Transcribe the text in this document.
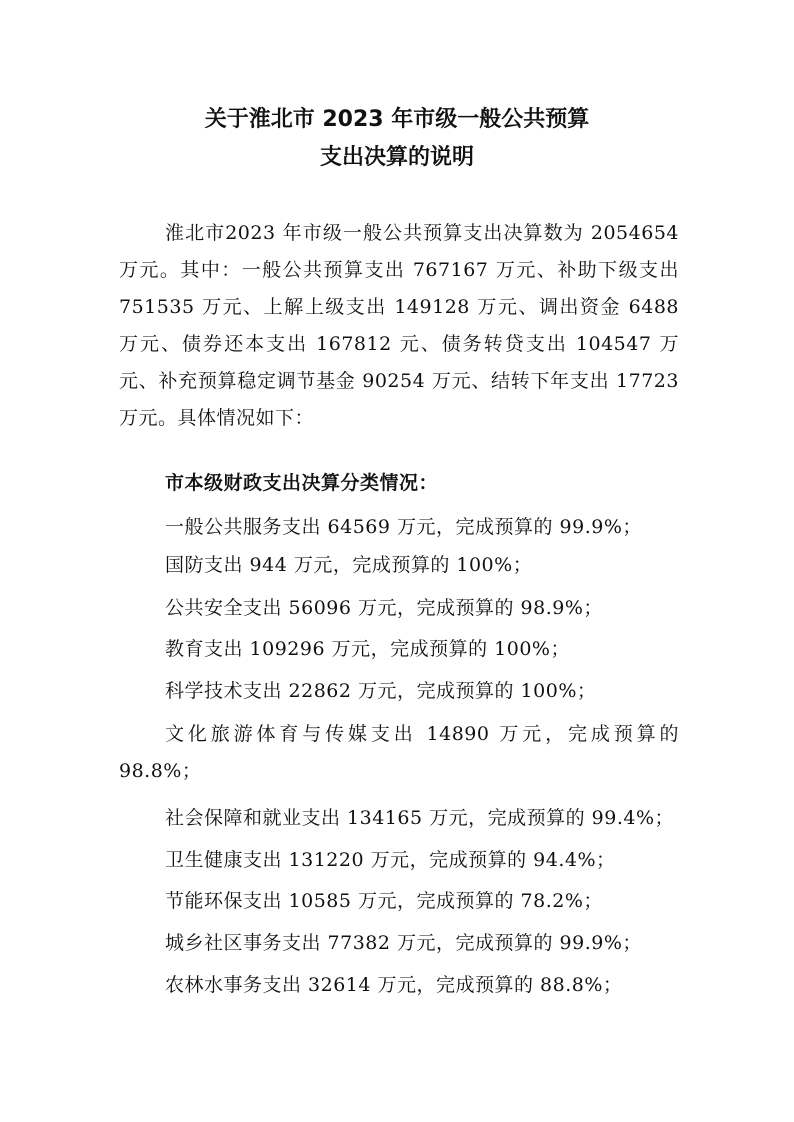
关于淮北市 2023 年市级一般公共预算
支出决算的说明
淮北市2023 年市级一般公共预算支出决算数为 2054654 万元。其中：一般公共预算支出 767167 万元、补助下级支出 751535 万元、上解上级支出 149128 万元、调出资金 6488 万元、债券还本支出 167812 元、债务转贷支出 104547 万元、补充预算稳定调节基金 90254 万元、结转下年支出 17723 万元。具体情况如下：
市本级财政支出决算分类情况：
一般公共服务支出 64569 万元，完成预算的 99.9%；
国防支出 944 万元，完成预算的 100%；
公共安全支出 56096 万元，完成预算的 98.9%；
教育支出 109296 万元，完成预算的 100%；
科学技术支出 22862 万元，完成预算的 100%；
文化旅游体育与传媒支出 14890 万元，完成预算的 98.8%；
社会保障和就业支出 134165 万元，完成预算的 99.4%；
卫生健康支出 131220 万元，完成预算的 94.4%；
节能环保支出 10585 万元，完成预算的 78.2%；
城乡社区事务支出 77382 万元，完成预算的 99.9%；
农林水事务支出 32614 万元，完成预算的 88.8%；
